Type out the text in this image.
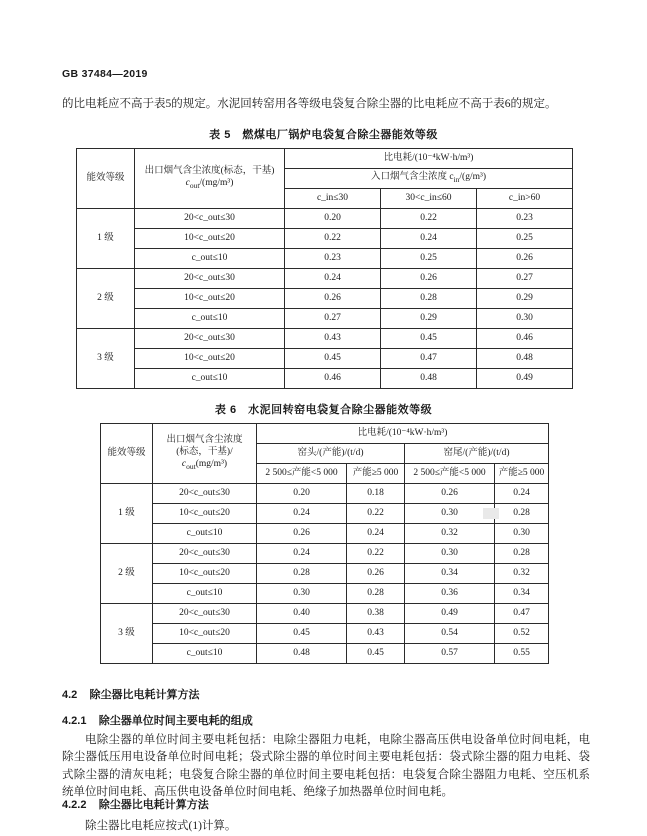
GB 37484—2019
的比电耗应不高于表5的规定。水泥回转窑用各等级电袋复合除尘器的比电耗应不高于表6的规定。
表 5　燃煤电厂锅炉电袋复合除尘器能效等级
能效等级	出口烟气含尘浓度(标态，干基)
$c_{out}/(mg/m^3)$	比电耗/(10⁻⁴kW·h/m³)		
		入口烟气含尘浓度 $c_{in}/(g/m^3)$		
		c_in≤30	30<c_in≤60	c_in>60
1 级	20<c_out≤30	0.20	0.22	0.23
	10<c_out≤20	0.22	0.24	0.25
	c_out≤10	0.23	0.25	0.26
2 级	20<c_out≤30	0.24	0.26	0.27
	10<c_out≤20	0.26	0.28	0.29
	c_out≤10	0.27	0.29	0.30
3 级	20<c_out≤30	0.43	0.45	0.46
	10<c_out≤20	0.45	0.47	0.48
	c_out≤10	0.46	0.48	0.49
表 6　水泥回转窑电袋复合除尘器能效等级
能效等级	出口烟气含尘浓度
(标态，干基)/
$c_{out}(mg/m^3)$	比电耗/(10⁻⁴kW·h/m³)			
		窑头/(产能)/(t/d)		窑尾/(产能)/(t/d)	
		2 500≤产能<5 000	产能≥5 000	2 500≤产能<5 000	产能≥5 000
1 级	20<c_out≤30	0.20	0.18	0.26	0.24
	10<c_out≤20	0.24	0.22	0.30	0.28
	c_out≤10	0.26	0.24	0.32	0.30
2 级	20<c_out≤30	0.24	0.22	0.30	0.28
	10<c_out≤20	0.28	0.26	0.34	0.32
	c_out≤10	0.30	0.28	0.36	0.34
3 级	20<c_out≤30	0.40	0.38	0.49	0.47
	10<c_out≤20	0.45	0.43	0.54	0.52
	c_out≤10	0.48	0.45	0.57	0.55
4.2 除尘器比电耗计算方法
4.2.1 除尘器单位时间主要电耗的组成
电除尘器的单位时间主要电耗包括：电除尘器阻力电耗，电除尘器高压供电设备单位时间电耗，电除尘器低压用电设备单位时间电耗；袋式除尘器的单位时间主要电耗包括：袋式除尘器的阻力电耗、袋式除尘器的清灰电耗；电袋复合除尘器的单位时间主要电耗包括：电袋复合除尘器阻力电耗、空压机系统单位时间电耗、高压供电设备单位时间电耗、绝缘子加热器单位时间电耗。
4.2.2 除尘器比电耗计算方法
除尘器比电耗应按式(1)计算。
